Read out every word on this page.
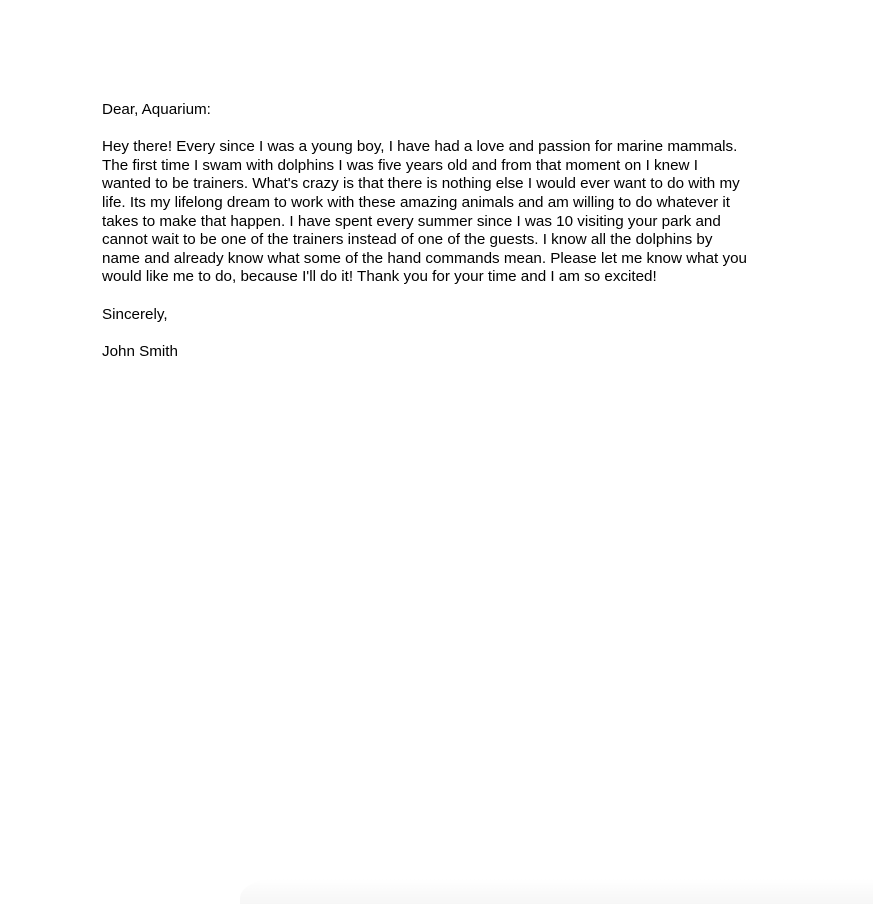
Dear, Aquarium:

Hey there! Every since I was a young boy, I have had a love and passion for marine mammals.
The first time I swam with dolphins I was five years old and from that moment on I knew I
wanted to be trainers. What's crazy is that there is nothing else I would ever want to do with my
life. Its my lifelong dream to work with these amazing animals and am willing to do whatever it
takes to make that happen. I have spent every summer since I was 10 visiting your park and
cannot wait to be one of the trainers instead of one of the guests. I know all the dolphins by
name and already know what some of the hand commands mean. Please let me know what you
would like me to do, because I'll do it! Thank you for your time and I am so excited!

Sincerely,

John Smith
